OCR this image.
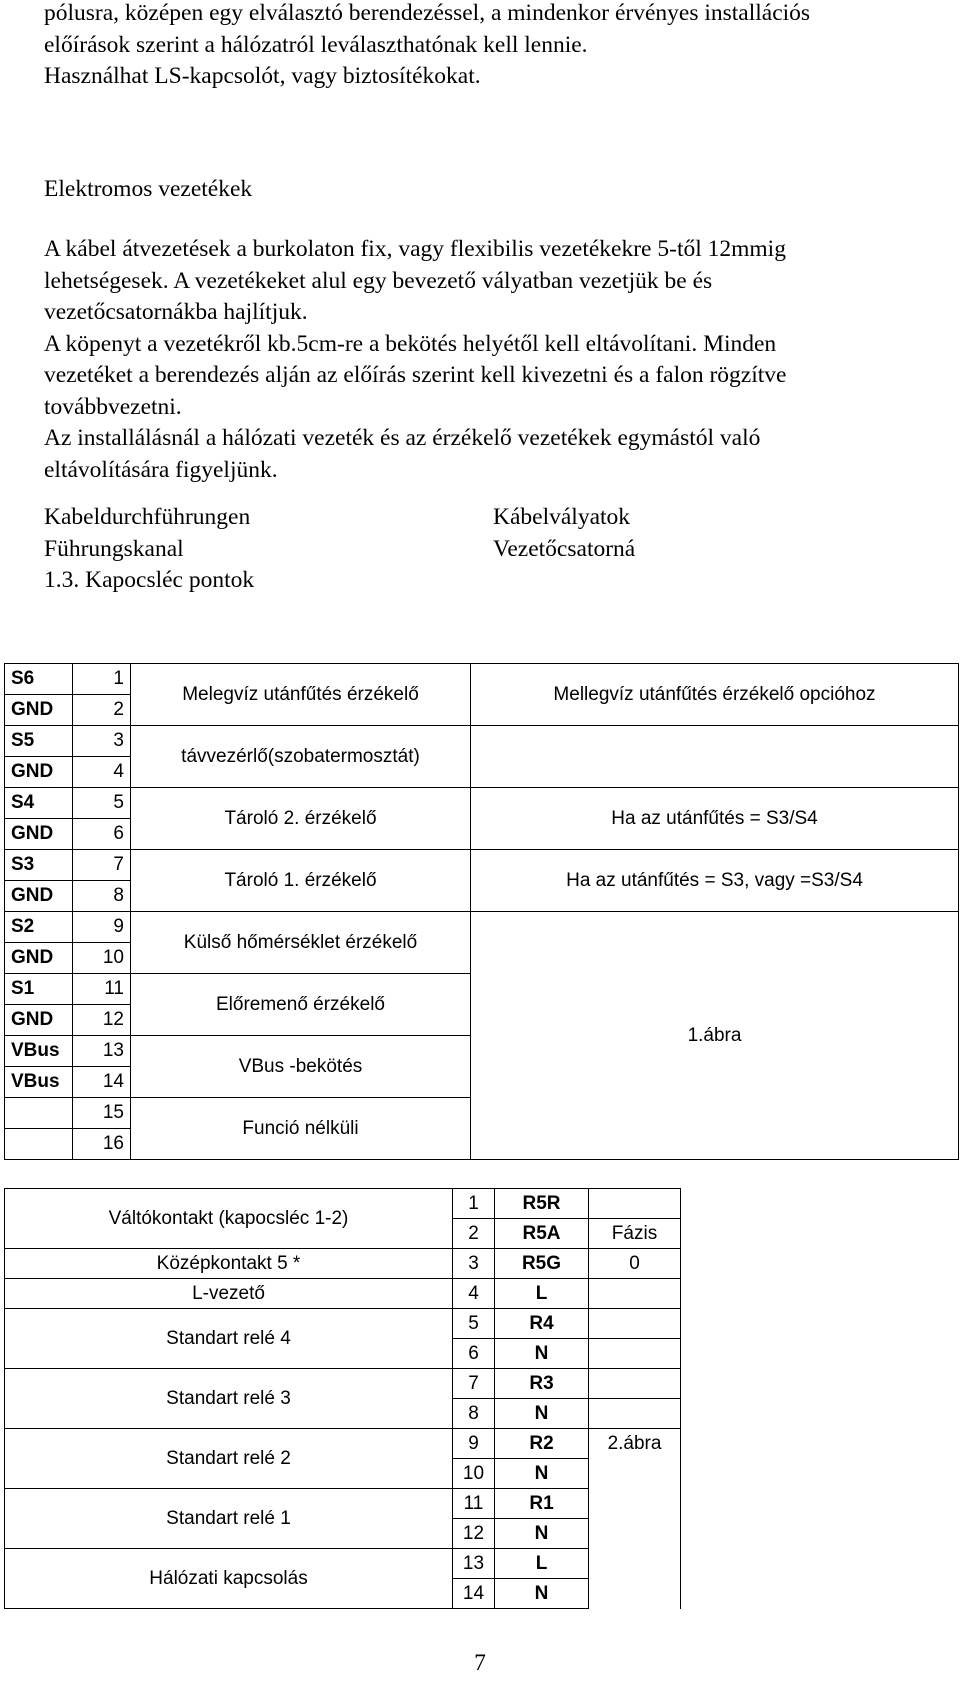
pólusra, középen egy elválasztó berendezéssel, a mindenkor érvényes installációs

előírások szerint a hálózatról leválaszthatónak kell lennie.

Használhat LS-kapcsolót, vagy biztosítékokat.

Elektromos vezetékek

A kábel átvezetések a burkolaton fix, vagy flexibilis vezetékekre 5-től 12mmig

lehetségesek. A vezetékeket alul egy bevezető vályatban vezetjük be és

vezetőcsatornákba hajlítjuk.

A köpenyt a vezetékről kb.5cm-re a bekötés helyétől kell eltávolítani. Minden

vezetéket a berendezés alján az előírás szerint kell kivezetni és a falon rögzítve

továbbvezetni.

Az installálásnál a hálózati vezeték és az érzékelő vezetékek egymástól való

eltávolítására figyeljünk.

Kabeldurchführungen
Führungskanal
1.3. Kapocsléc pontok
Kábelvályatok
Vezetőcsatorná
S6	1	Melegvíz utánfűtés érzékelő	Mellegvíz utánfűtés érzékelő opcióhoz
GND	2		
S5	3	távvezérlő(szobatermosztát)	
GND	4		
S4	5	Tároló 2. érzékelő	Ha az utánfűtés = S3/S4
GND	6		
S3	7	Tároló 1. érzékelő	Ha az utánfűtés = S3, vagy =S3/S4
GND	8		
S2	9	Külső hőmérséklet érzékelő	1.ábra
GND	10		
S1	11	Előremenő érzékelő	
GND	12		
VBus	13	VBus -bekötés	
VBus	14		
	15	Funció nélküli	
	16		
Váltókontakt (kapocsléc 1-2)	1	R5R		
	2	R5A	Fázis	
Középkontakt 5 *	3	R5G	0	
L-vezető	4	L		
Standart relé 4	5	R4		
	6	N		
Standart relé 3	7	R3		
	8	N		
Standart relé 2	9	R2	2.ábra	
	10	N		
Standart relé 1	11	R1		
	12	N		
Hálózati kapcsolás	13	L		
	14	N		
7
